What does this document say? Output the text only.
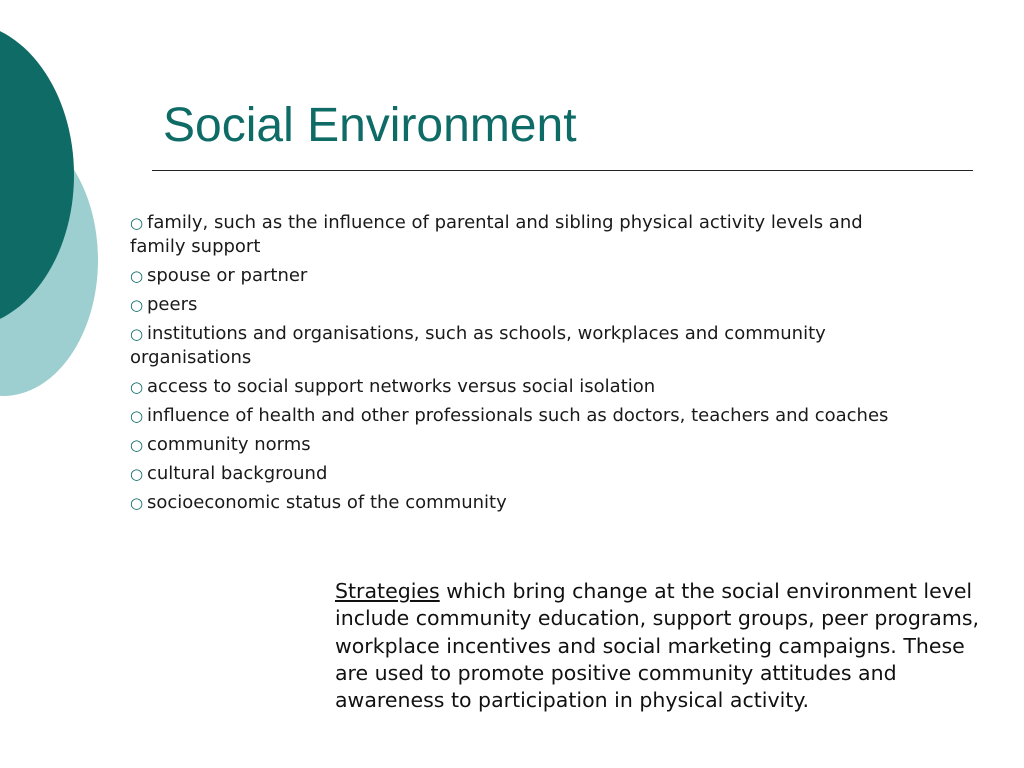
Social Environment
○ family, such as the influence of parental and sibling physical activity levels and family support
○ spouse or partner
○ peers
○ institutions and organisations, such as schools, workplaces and community organisations
○ access to social support networks versus social isolation
○ influence of health and other professionals such as doctors, teachers and coaches
○ community norms
○ cultural background
○ socioeconomic status of the community

Strategies which bring change at the social environment level include community education, support groups, peer programs, workplace incentives and social marketing campaigns. These are used to promote positive community attitudes and awareness to participation in physical activity.
